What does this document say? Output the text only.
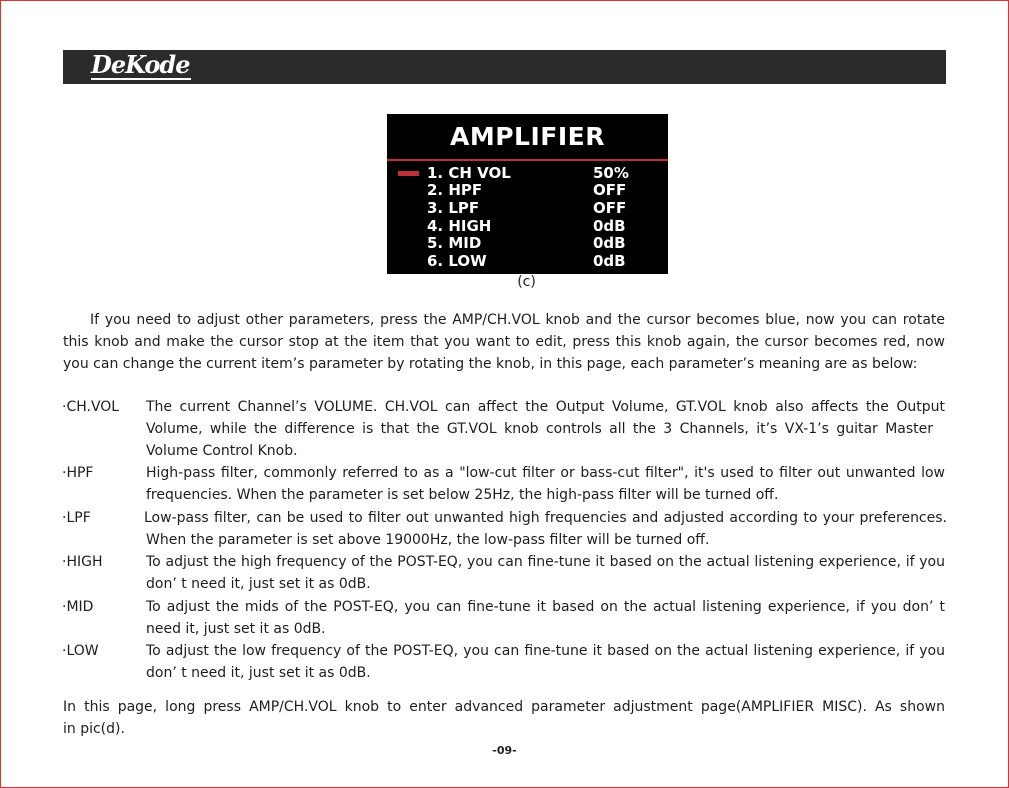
DeKode
AMPLIFIER
1. CH VOL	50%
2. HPF	OFF
3. LPF	OFF
4. HIGH	0dB
5. MID	0dB
6. LOW	0dB
(c)
If you need to adjust other parameters, press the AMP/CH.VOL knob and the cursor becomes blue, now you can rotate
this knob and make the cursor stop at the item that you want to edit, press this knob again, the cursor becomes red, now
you can change the current item’s parameter by rotating the knob, in this page, each parameter’s meaning are as below:
·CH.VOL The current Channel’s VOLUME. CH.VOL can affect the Output Volume, GT.VOL knob also affects the Output
Volume, while the difference is that the GT.VOL knob controls all the 3 Channels, it’s VX-1’s guitar Master
Volume Control Knob.
·HPF	High-pass filter, commonly referred to as a "low-cut filter or bass-cut filter", it's used to filter out unwanted low
frequencies. When the parameter is set below 25Hz, the high-pass filter will be turned off.
·LPF	Low-pass filter, can be used to filter out unwanted high frequencies and adjusted according to your preferences.
When the parameter is set above 19000Hz, the low-pass filter will be turned off.
·HIGH	To adjust the high frequency of the POST-EQ, you can fine-tune it based on the actual listening experience, if you
don’ t need it, just set it as 0dB.
·MID	To adjust the mids of the POST-EQ, you can fine-tune it based on the actual listening experience, if you don’ t
need it, just set it as 0dB.
·LOW	To adjust the low frequency of the POST-EQ, you can fine-tune it based on the actual listening experience, if you
don’ t need it, just set it as 0dB.
In this page, long press AMP/CH.VOL knob to enter advanced parameter adjustment page(AMPLIFIER MISC). As shown
in pic(d).
-09-
